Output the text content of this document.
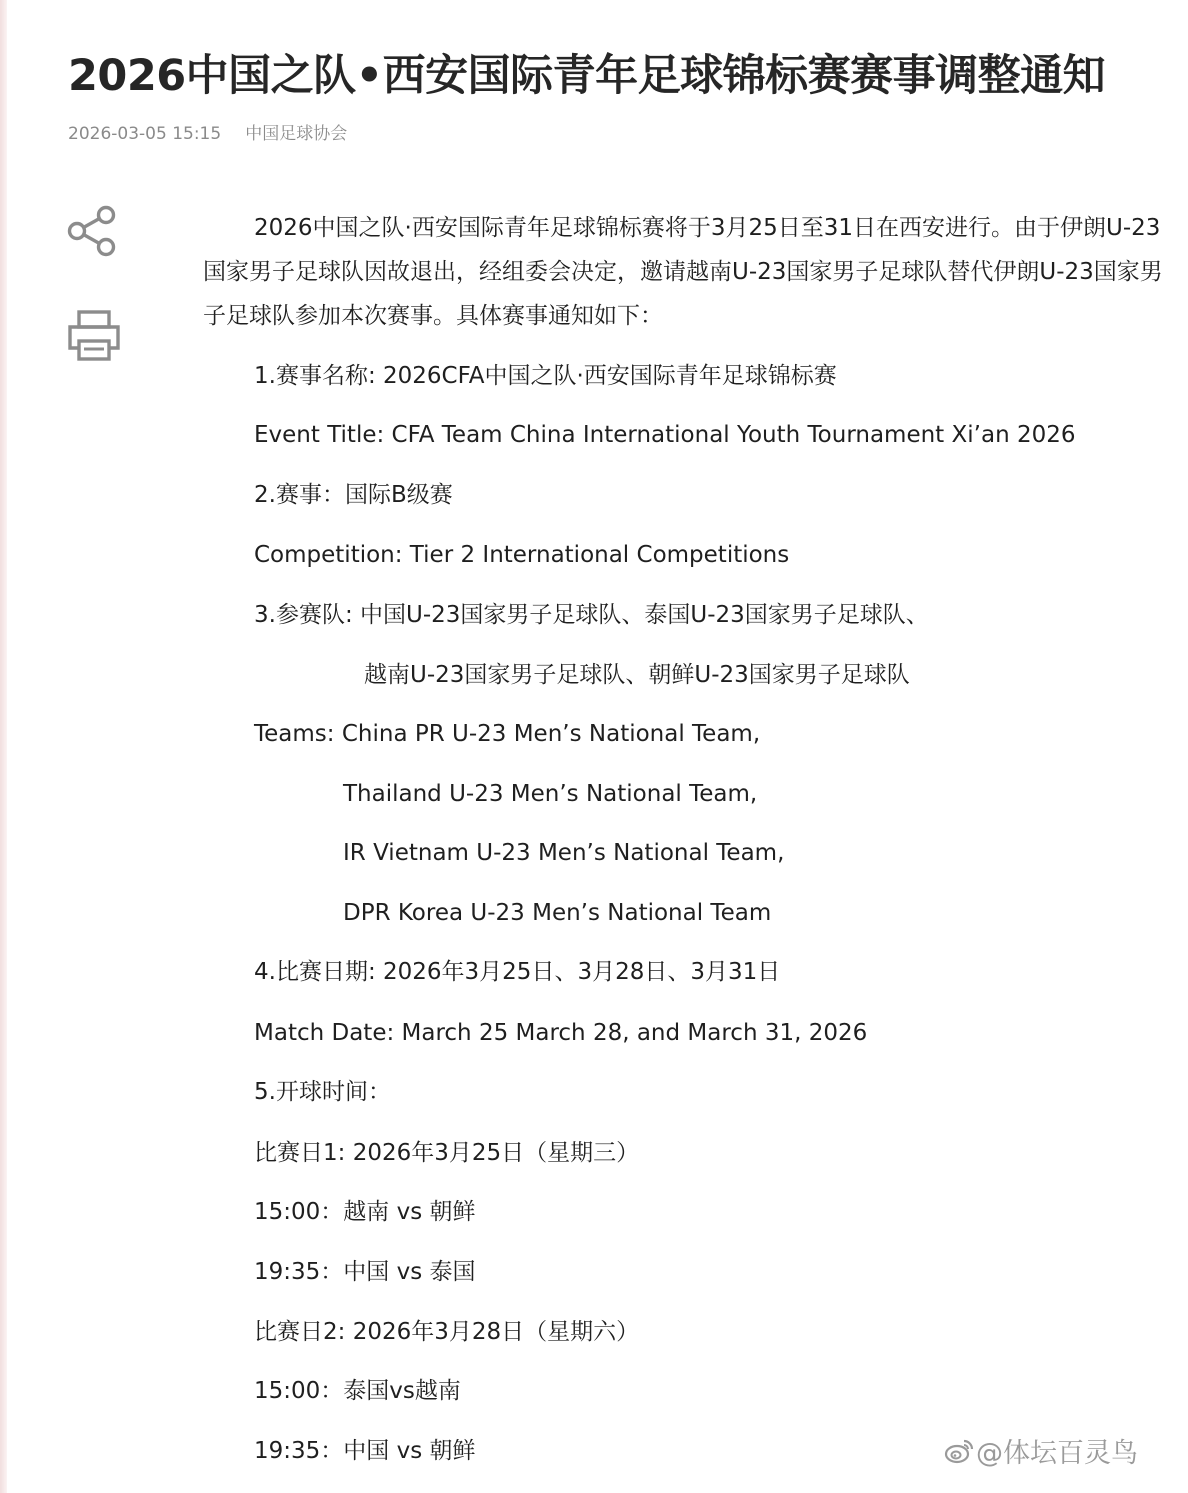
2026中国之队•西安国际青年足球锦标赛赛事调整通知
2026-03-05 15:15 中国足球协会

2026中国之队·西安国际青年足球锦标赛将于3月25日至31日在西安进行。由于伊朗U-23国家男子足球队因故退出，经组委会决定，邀请越南U-23国家男子足球队替代伊朗U-23国家男子足球队参加本次赛事。具体赛事通知如下：

1.赛事名称: 2026CFA中国之队·西安国际青年足球锦标赛
Event Title: CFA Team China International Youth Tournament Xi’an 2026
2.赛事：国际B级赛
Competition: Tier 2 International Competitions
3.参赛队: 中国U-23国家男子足球队、泰国U-23国家男子足球队、
越南U-23国家男子足球队、朝鲜U-23国家男子足球队
Teams: China PR U-23 Men’s National Team,
Thailand U-23 Men’s National Team,
IR Vietnam U-23 Men’s National Team,
DPR Korea U-23 Men’s National Team
4.比赛日期: 2026年3月25日、3月28日、3月31日
Match Date: March 25 March 28, and March 31, 2026
5.开球时间：
比赛日1: 2026年3月25日（星期三）
15:00：越南 vs 朝鲜
19:35：中国 vs 泰国
比赛日2: 2026年3月28日（星期六）
15:00：泰国vs越南
19:35：中国 vs 朝鲜	@体坛百灵鸟
